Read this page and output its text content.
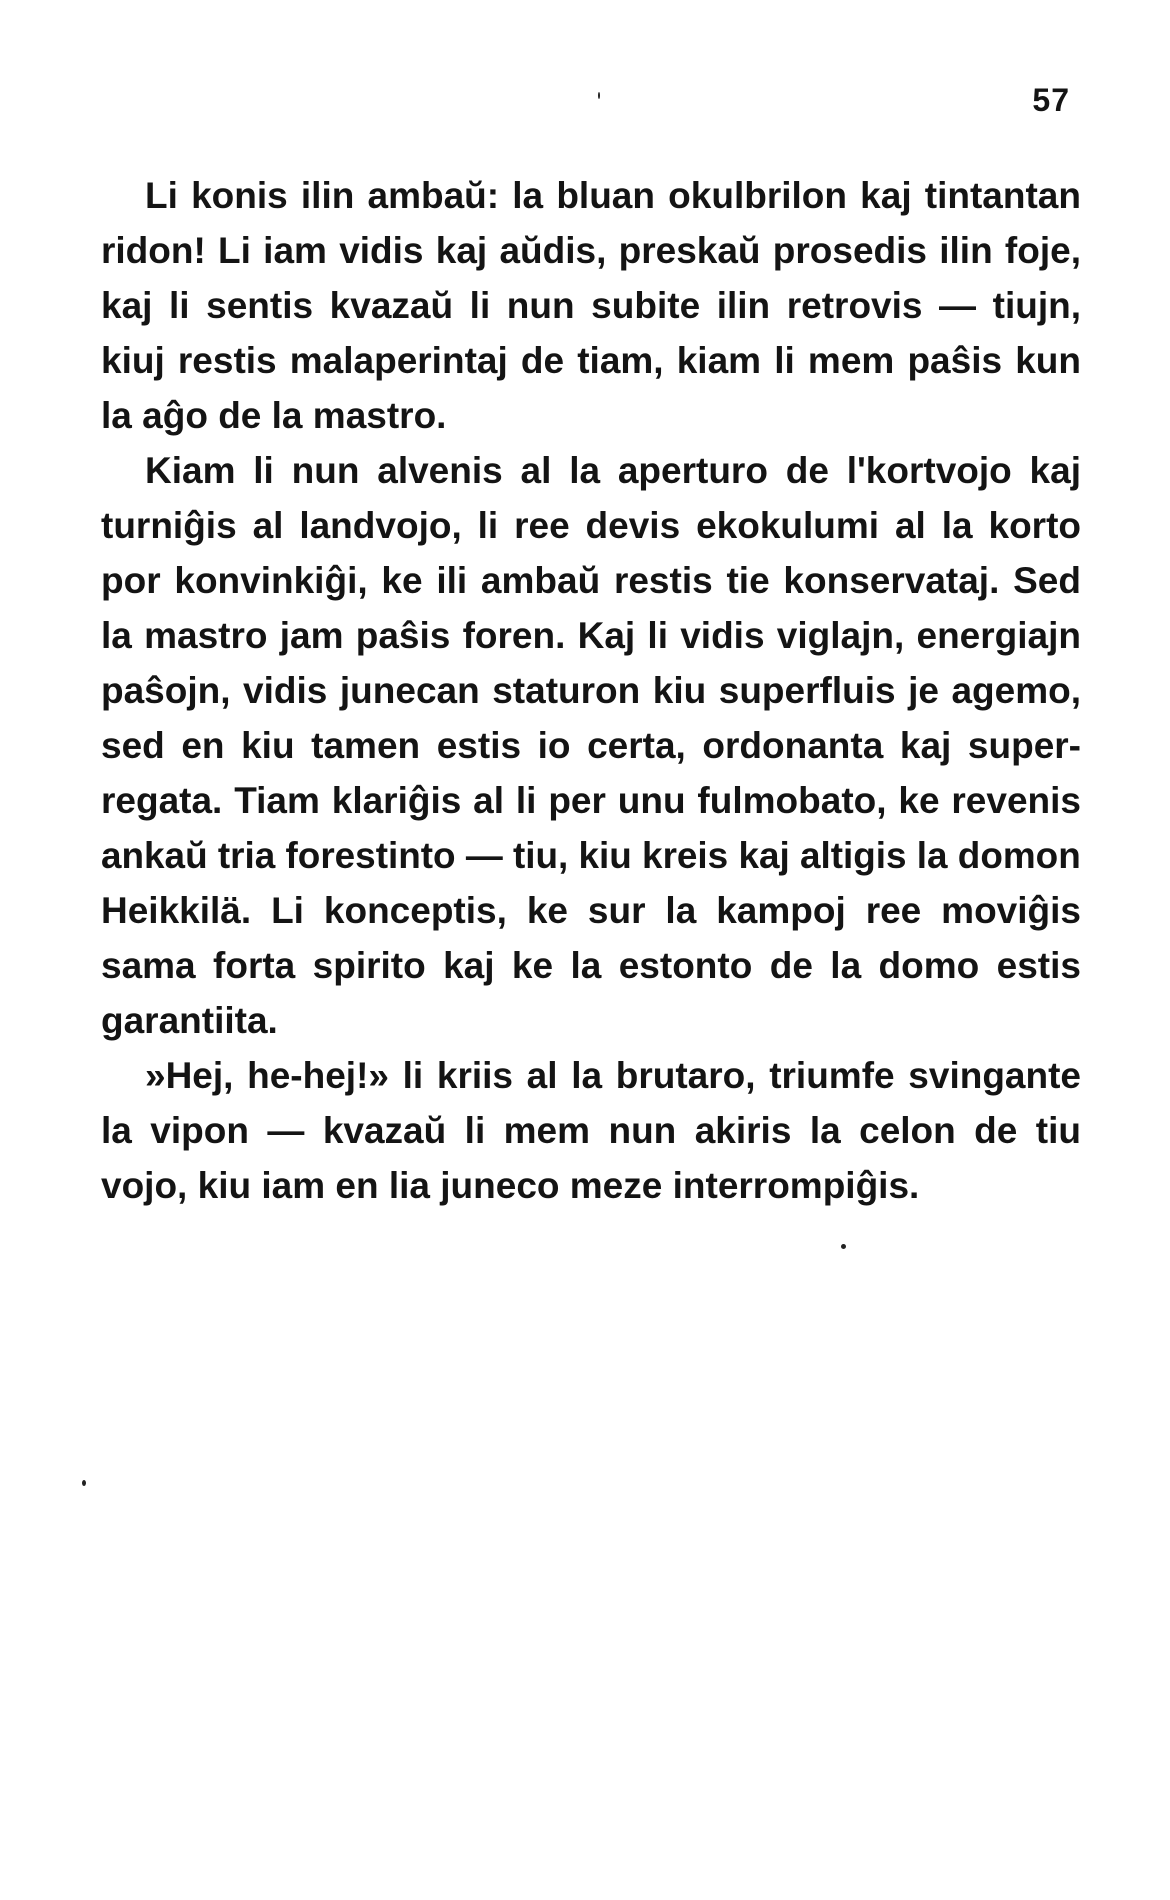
57
Li konis ilin ambaŭ: la bluan okulbrilon kaj tintantan
ridon! Li iam vidis kaj aŭdis, preskaŭ prosedis ilin foje,
kaj li sentis kvazaŭ li nun subite ilin retrovis — tiujn,
kiuj restis malaperintaj de tiam, kiam li mem paŝis kun
la aĝo de la mastro.
Kiam li nun alvenis al la aperturo de l'kortvojo kaj
turniĝis al landvojo, li ree devis ekokulumi al la korto
por konvinkiĝi, ke ili ambaŭ restis tie konservataj. Sed
la mastro jam paŝis foren. Kaj li vidis viglajn, energiajn
paŝojn, vidis junecan staturon kiu superfluis je agemo,
sed en kiu tamen estis io certa, ordonanta kaj super-
regata. Tiam klariĝis al li per unu fulmobato, ke revenis
ankaŭ tria forestinto — tiu, kiu kreis kaj altigis la domon
Heikkilä. Li konceptis, ke sur la kampoj ree moviĝis
sama forta spirito kaj ke la estonto de la domo estis
garantiita.
»Hej, he-hej!» li kriis al la brutaro, triumfe svingante
la vipon — kvazaŭ li mem nun akiris la celon de tiu
vojo, kiu iam en lia juneco meze interrompiĝis.
